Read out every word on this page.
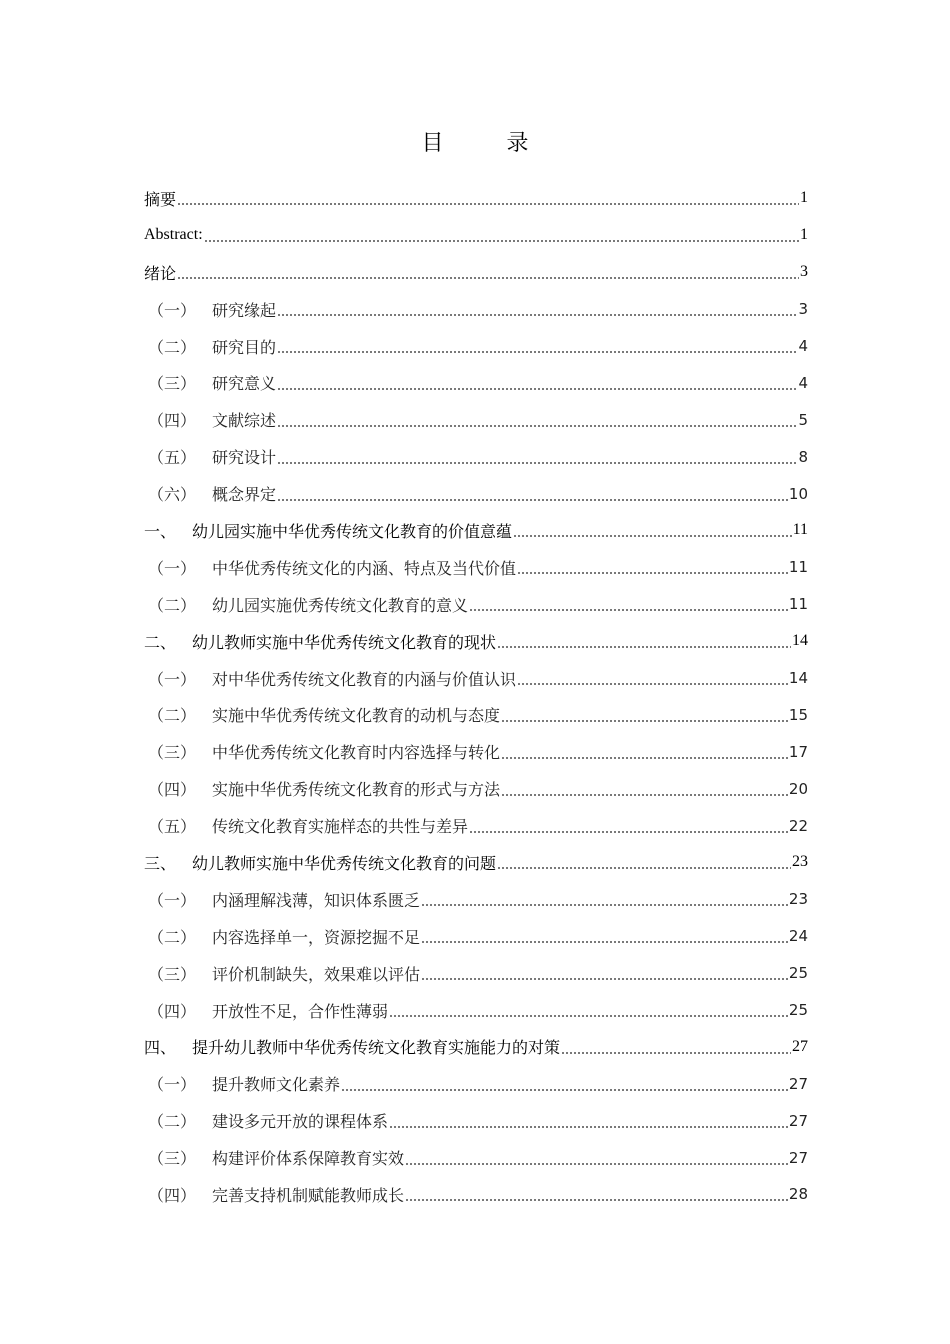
目 录
摘要	1
Abstract:	1
绪论	3
（一） 研究缘起	3
（二） 研究目的	4
（三） 研究意义	4
（四） 文献综述	5
（五） 研究设计	8
（六） 概念界定	10
一、 幼儿园实施中华优秀传统文化教育的价值意蕴	11
（一） 中华优秀传统文化的内涵、特点及当代价值	11
（二） 幼儿园实施优秀传统文化教育的意义	11
二、 幼儿教师实施中华优秀传统文化教育的现状	14
（一） 对中华优秀传统文化教育的内涵与价值认识	14
（二） 实施中华优秀传统文化教育的动机与态度	15
（三） 中华优秀传统文化教育时内容选择与转化	17
（四） 实施中华优秀传统文化教育的形式与方法	20
（五） 传统文化教育实施样态的共性与差异	22
三、 幼儿教师实施中华优秀传统文化教育的问题	23
（一） 内涵理解浅薄，知识体系匮乏	23
（二） 内容选择单一，资源挖掘不足	24
（三） 评价机制缺失，效果难以评估	25
（四） 开放性不足，合作性薄弱	25
四、 提升幼儿教师中华优秀传统文化教育实施能力的对策	27
（一） 提升教师文化素养	27
（二） 建设多元开放的课程体系	27
（三） 构建评价体系保障教育实效	27
（四） 完善支持机制赋能教师成长	28
